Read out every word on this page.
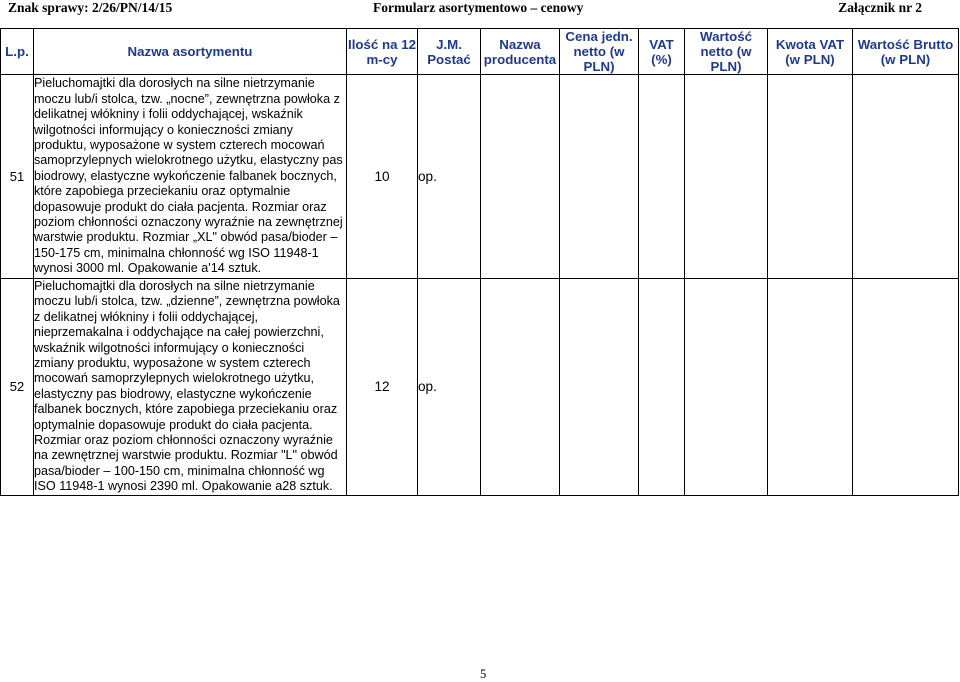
Znak sprawy: 2/26/PN/14/15	Formularz asortymentowo – cenowy	Załącznik nr 2
L.p.	Nazwa asortymentu	Ilość na 12 m-cy	J.M. Postać	Nazwa producenta	Cena jedn. netto (w PLN)	VAT (%)	Wartość netto (w PLN)	Kwota VAT (w PLN)	Wartość Brutto (w PLN)
51	Pieluchomajtki dla dorosłych na silne nietrzymanie moczu lub/i stolca, tzw. „nocne”, zewnętrzna powłoka z delikatnej włókniny i folii oddychającej, wskaźnik wilgotności informujący o konieczności zmiany produktu, wyposażone w system czterech mocowań samoprzylepnych wielokrotnego użytku, elastyczny pas biodrowy, elastyczne wykończenie falbanek bocznych, które zapobiega przeciekaniu oraz optymalnie dopasowuje produkt do ciała pacjenta. Rozmiar oraz poziom chłonności oznaczony wyraźnie na zewnętrznej warstwie produktu. Rozmiar „XL" obwód pasa/bioder – 150-175 cm, minimalna chłonność wg ISO 11948-1 wynosi 3000 ml. Opakowanie a'14 sztuk.	10	op.						
52	Pieluchomajtki dla dorosłych na silne nietrzymanie moczu lub/i stolca, tzw. „dzienne”, zewnętrzna powłoka z delikatnej włókniny i folii oddychającej, nieprzemakalna i oddychające na całej powierzchni, wskaźnik wilgotności informujący o konieczności zmiany produktu, wyposażone w system czterech mocowań samoprzylepnych wielokrotnego użytku, elastyczny pas biodrowy, elastyczne wykończenie falbanek bocznych, które zapobiega przeciekaniu oraz optymalnie dopasowuje produkt do ciała pacjenta. Rozmiar oraz poziom chłonności oznaczony wyraźnie na zewnętrznej warstwie produktu. Rozmiar "L" obwód pasa/bioder – 100-150 cm, minimalna chłonność wg ISO 11948-1 wynosi 2390 ml. Opakowanie a28 sztuk.	12	op.						
5
